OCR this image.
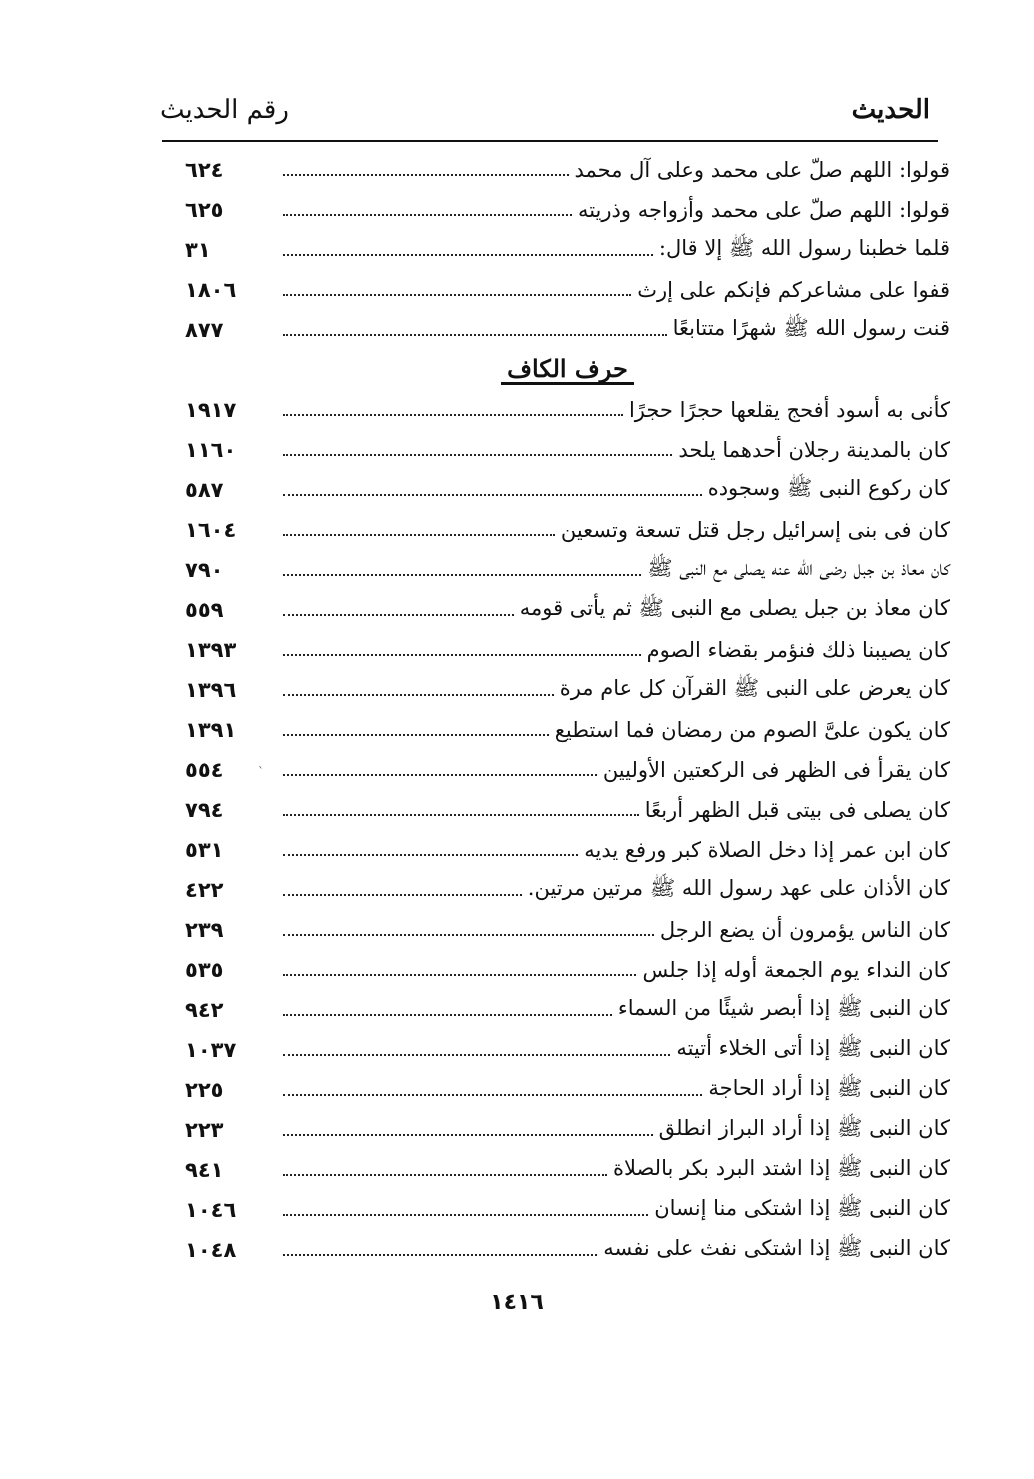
الحديث
رقم الحديث
قولوا: اللهم صلّ على محمد وعلى آل محمد
٦٢٤
قولوا: اللهم صلّ على محمد وأزواجه وذريته
٦٢٥
قلما خطبنا رسول الله ﷺ إلا قال:
٣١
قفوا على مشاعركم فإنكم على إرث
١٨٠٦
قنت رسول الله ﷺ شهرًا متتابعًا
٨٧٧
حرف الكاف
كأنى به أسود أفحج يقلعها حجرًا حجرًا
١٩١٧
كان بالمدينة رجلان أحدهما يلحد
١١٦٠
كان ركوع النبى ﷺ وسجوده
٥٨٧
كان فى بنى إسرائيل رجل قتل تسعة وتسعين
١٦٠٤
كان معاذ بن جبل رضى الله عنه يصلى مع النبى ﷺ
٧٩٠
كان معاذ بن جبل يصلى مع النبى ﷺ ثم يأتى قومه
٥٥٩
كان يصيبنا ذلك فنؤمر بقضاء الصوم
١٣٩٣
كان يعرض على النبى ﷺ القرآن كل عام مرة
١٣٩٦
كان يكون علىَّ الصوم من رمضان فما استطيع
١٣٩١
كان يقرأ فى الظهر فى الركعتين الأوليين
٥٥٤
كان يصلى فى بيتى قبل الظهر أربعًا
٧٩٤
كان ابن عمر إذا دخل الصلاة كبر ورفع يديه
٥٣١
كان الأذان على عهد رسول الله ﷺ مرتين مرتين.
٤٢٢
كان الناس يؤمرون أن يضع الرجل
٢٣٩
كان النداء يوم الجمعة أوله إذا جلس
٥٣٥
كان النبى ﷺ إذا أبصر شيئًا من السماء
٩٤٢
كان النبى ﷺ إذا أتى الخلاء أتيته
١٠٣٧
كان النبى ﷺ إذا أراد الحاجة
٢٢٥
كان النبى ﷺ إذا أراد البراز انطلق
٢٢٣
كان النبى ﷺ إذا اشتد البرد بكر بالصلاة
٩٤١
كان النبى ﷺ إذا اشتكى منا إنسان
١٠٤٦
كان النبى ﷺ إذا اشتكى نفث على نفسه
١٠٤٨
`
١٤١٦
